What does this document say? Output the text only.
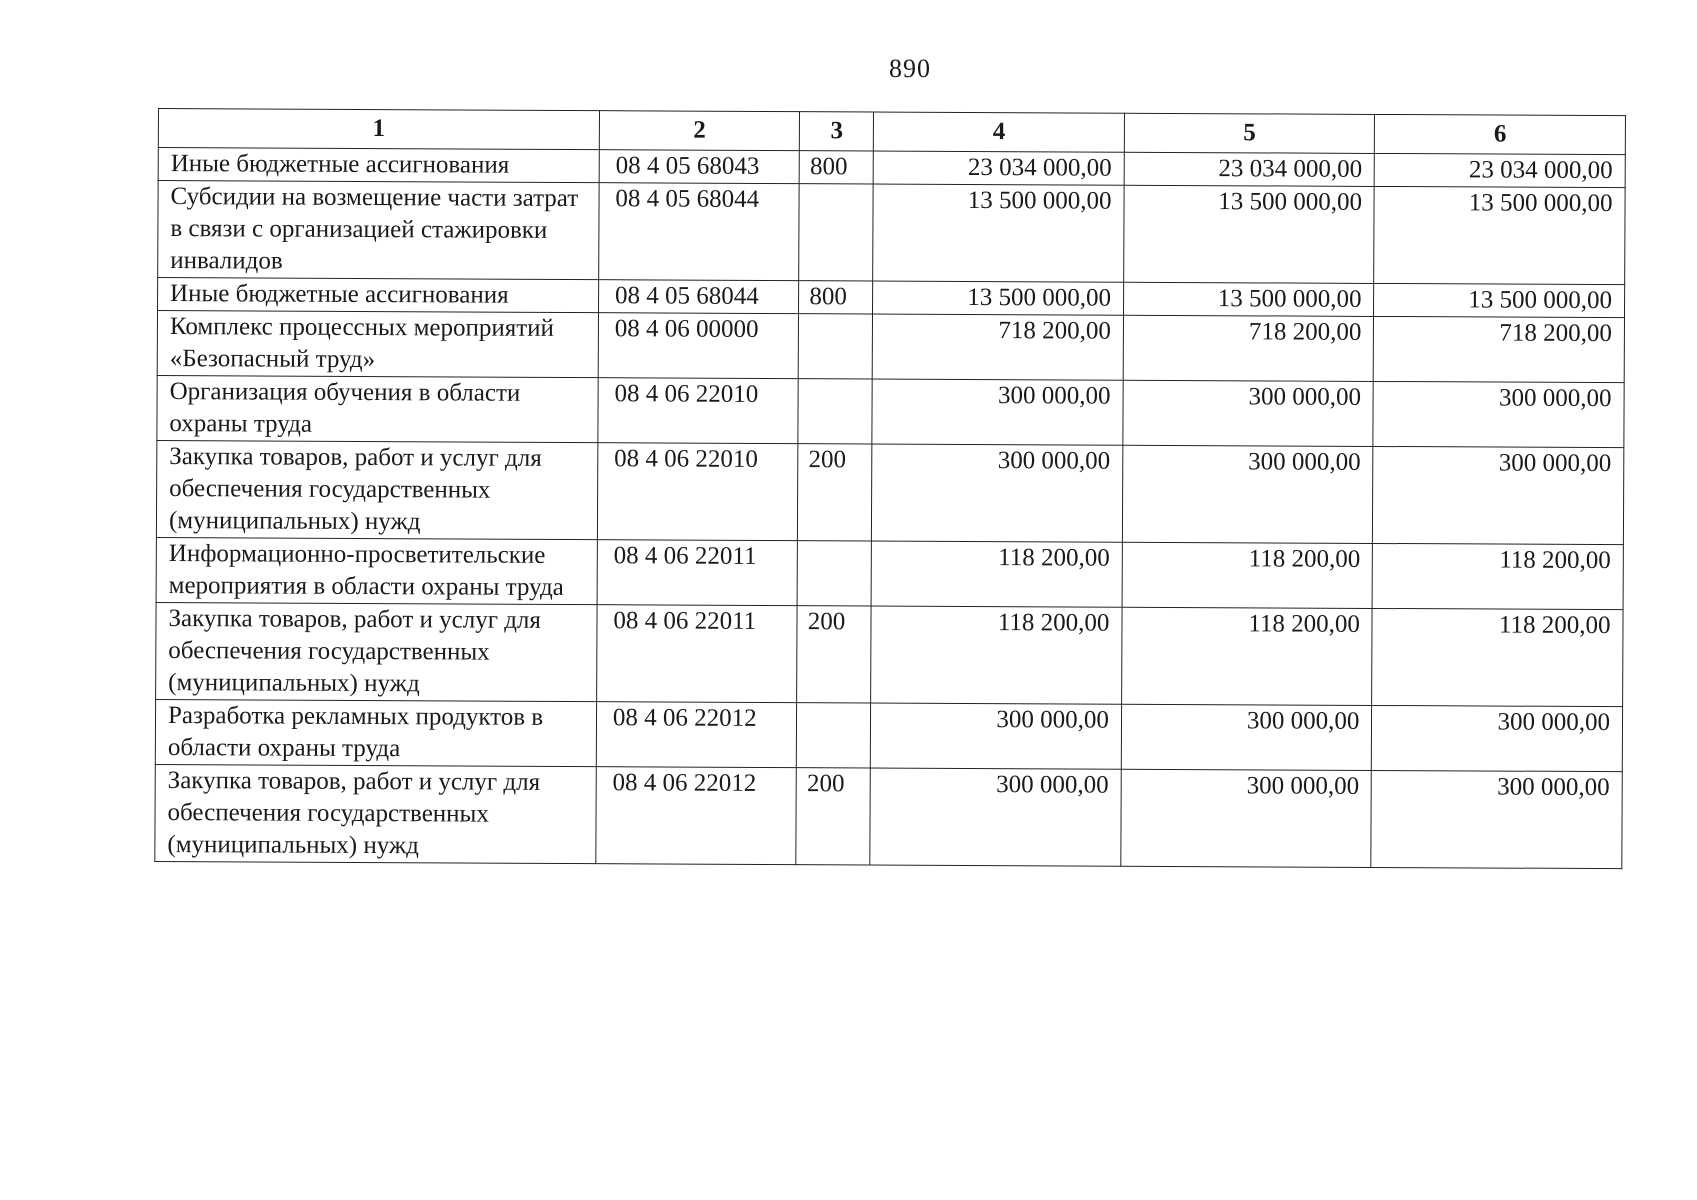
890
1	2	3	4	5	6
Иные бюджетные ассигнования	08 4 05 68043	800	23 034 000,00	23 034 000,00	23 034 000,00
Субсидии на возмещение части затрат в связи с организацией стажировки инвалидов	08 4 05 68044		13 500 000,00	13 500 000,00	13 500 000,00
Иные бюджетные ассигнования	08 4 05 68044	800	13 500 000,00	13 500 000,00	13 500 000,00
Комплекс процессных мероприятий «Безопасный труд»	08 4 06 00000		718 200,00	718 200,00	718 200,00
Организация обучения в области охраны труда	08 4 06 22010		300 000,00	300 000,00	300 000,00
Закупка товаров, работ и услуг для обеспечения государственных (муниципальных) нужд	08 4 06 22010	200	300 000,00	300 000,00	300 000,00
Информационно-просветительские мероприятия в области охраны труда	08 4 06 22011		118 200,00	118 200,00	118 200,00
Закупка товаров, работ и услуг для обеспечения государственных (муниципальных) нужд	08 4 06 22011	200	118 200,00	118 200,00	118 200,00
Разработка рекламных продуктов в области охраны труда	08 4 06 22012		300 000,00	300 000,00	300 000,00
Закупка товаров, работ и услуг для обеспечения государственных (муниципальных) нужд	08 4 06 22012	200	300 000,00	300 000,00	300 000,00
